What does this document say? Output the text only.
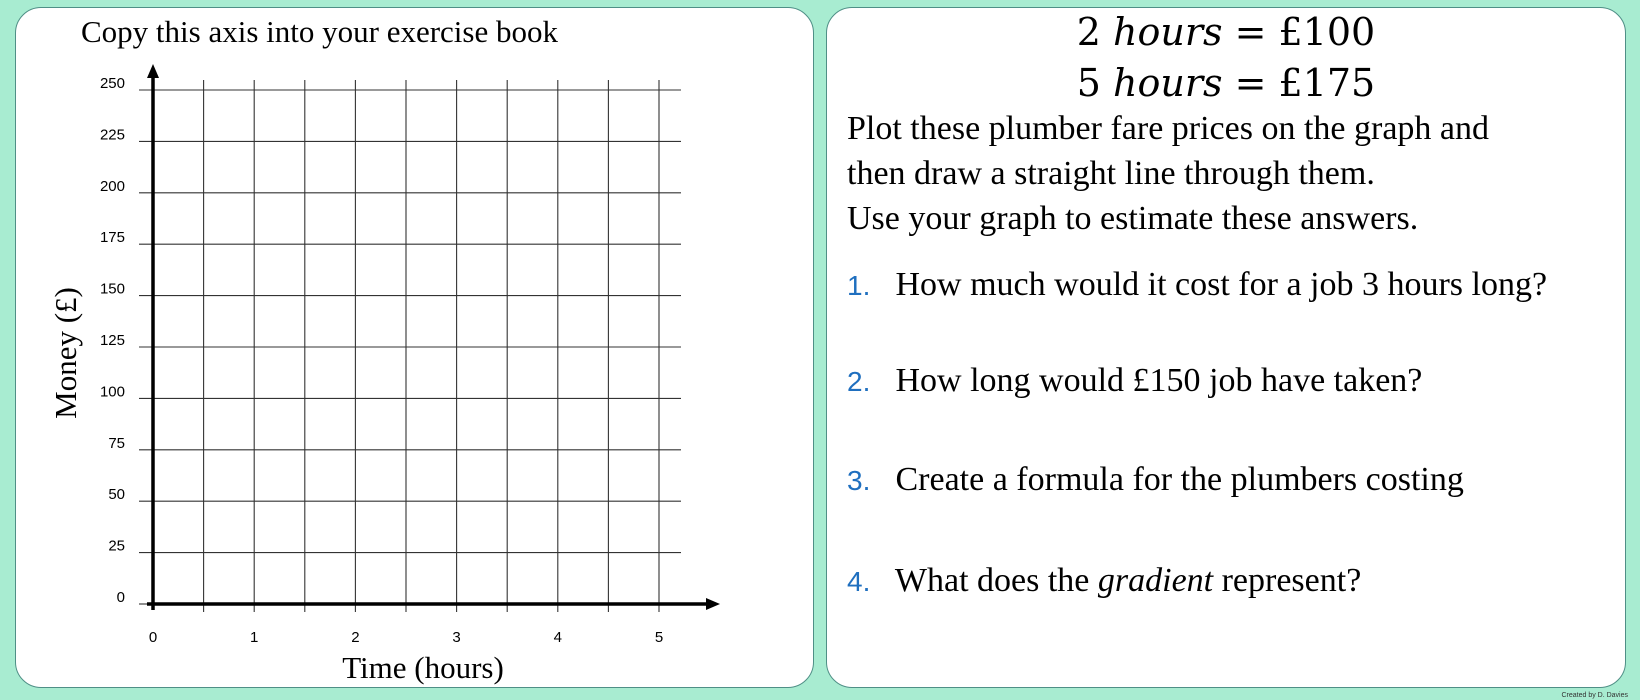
Copy this axis into your exercise book
0
25
50
75
100
125
150
175
200
225
250
0	1	2	3	4	5
Time (hours)
Money (£)
2 hours = £100
5 hours = £175
Plot these plumber fare prices on the graph and
then draw a straight line through them.
Use your graph to estimate these answers.
1. How much would it cost for a job 3 hours long?
2. How long would £150 job have taken?
3. Create a formula for the plumbers costing
4. What does the gradient represent?
Created by D. Davies
